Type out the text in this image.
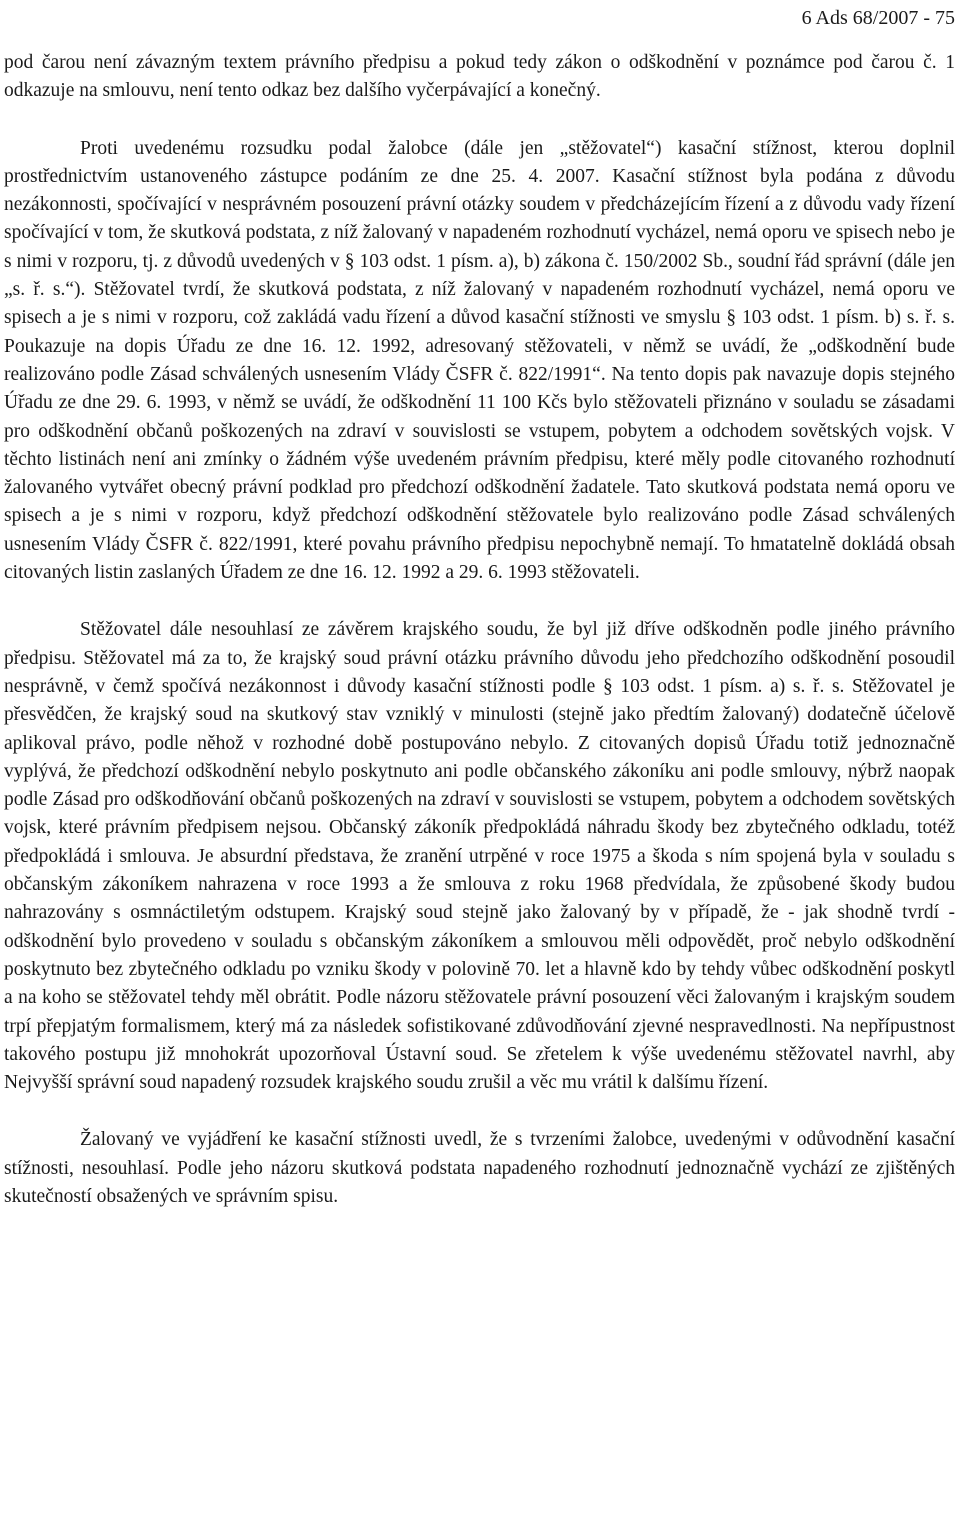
6 Ads 68/2007 - 75

pod čarou není závazným textem právního předpisu a pokud tedy zákon o odškodnění v poznámce pod čarou č. 1 odkazuje na smlouvu, není tento odkaz bez dalšího vyčerpávající a konečný.

Proti uvedenému rozsudku podal žalobce (dále jen „stěžovatel“) kasační stížnost, kterou doplnil prostřednictvím ustanoveného zástupce podáním ze dne 25. 4. 2007. Kasační stížnost byla podána z důvodu nezákonnosti, spočívající v nesprávném posouzení právní otázky soudem v předcházejícím řízení a z důvodu vady řízení spočívající v tom, že skutková podstata, z níž žalovaný v napadeném rozhodnutí vycházel, nemá oporu ve spisech nebo je s nimi v rozporu, tj. z důvodů uvedených v § 103 odst. 1 písm. a), b) zákona č. 150/2002 Sb., soudní řád správní (dále jen „s. ř. s.“). Stěžovatel tvrdí, že skutková podstata, z níž žalovaný v napadeném rozhodnutí vycházel, nemá oporu ve spisech a je s nimi v rozporu, což zakládá vadu řízení a důvod kasační stížnosti ve smyslu § 103 odst. 1 písm. b) s. ř. s. Poukazuje na dopis Úřadu ze dne 16. 12. 1992, adresovaný stěžovateli, v němž se uvádí, že „odškodnění bude realizováno podle Zásad schválených usnesením Vlády ČSFR č. 822/1991“. Na tento dopis pak navazuje dopis stejného Úřadu ze dne 29. 6. 1993, v němž se uvádí, že odškodnění 11 100 Kčs bylo stěžovateli přiznáno v souladu se zásadami pro odškodnění občanů poškozených na zdraví v souvislosti se vstupem, pobytem a odchodem sovětských vojsk. V těchto listinách není ani zmínky o žádném výše uvedeném právním předpisu, které měly podle citovaného rozhodnutí žalovaného vytvářet obecný právní podklad pro předchozí odškodnění žadatele. Tato skutková podstata nemá oporu ve spisech a je s nimi v rozporu, když předchozí odškodnění stěžovatele bylo realizováno podle Zásad schválených usnesením Vlády ČSFR č. 822/1991, které povahu právního předpisu nepochybně nemají. To hmatatelně dokládá obsah citovaných listin zaslaných Úřadem ze dne 16. 12. 1992 a 29. 6. 1993 stěžovateli.

Stěžovatel dále nesouhlasí ze závěrem krajského soudu, že byl již dříve odškodněn podle jiného právního předpisu. Stěžovatel má za to, že krajský soud právní otázku právního důvodu jeho předchozího odškodnění posoudil nesprávně, v čemž spočívá nezákonnost i důvody kasační stížnosti podle § 103 odst. 1 písm. a) s. ř. s. Stěžovatel je přesvědčen, že krajský soud na skutkový stav vzniklý v minulosti (stejně jako předtím žalovaný) dodatečně účelově aplikoval právo, podle něhož v rozhodné době postupováno nebylo. Z citovaných dopisů Úřadu totiž jednoznačně vyplývá, že předchozí odškodnění nebylo poskytnuto ani podle občanského zákoníku ani podle smlouvy, nýbrž naopak podle Zásad pro odškodňování občanů poškozených na zdraví v souvislosti se vstupem, pobytem a odchodem sovětských vojsk, které právním předpisem nejsou. Občanský zákoník předpokládá náhradu škody bez zbytečného odkladu, totéž předpokládá i smlouva. Je absurdní představa, že zranění utrpěné v roce 1975 a škoda s ním spojená byla v souladu s občanským zákoníkem nahrazena v roce 1993 a že smlouva z roku 1968 předvídala, že způsobené škody budou nahrazovány s osmnáctiletým odstupem. Krajský soud stejně jako žalovaný by v případě, že - jak shodně tvrdí - odškodnění bylo provedeno v souladu s občanským zákoníkem a smlouvou měli odpovědět, proč nebylo odškodnění poskytnuto bez zbytečného odkladu po vzniku škody v polovině 70. let a hlavně kdo by tehdy vůbec odškodnění poskytl a na koho se stěžovatel tehdy měl obrátit. Podle názoru stěžovatele právní posouzení věci žalovaným i krajským soudem trpí přepjatým formalismem, který má za následek sofistikované zdůvodňování zjevné nespravedlnosti. Na nepřípustnost takového postupu již mnohokrát upozorňoval Ústavní soud. Se zřetelem k výše uvedenému stěžovatel navrhl, aby Nejvyšší správní soud napadený rozsudek krajského soudu zrušil a věc mu vrátil k dalšímu řízení.

Žalovaný ve vyjádření ke kasační stížnosti uvedl, že s tvrzeními žalobce, uvedenými v odůvodnění kasační stížnosti, nesouhlasí. Podle jeho názoru skutková podstata napadeného rozhodnutí jednoznačně vychází ze zjištěných skutečností obsažených ve správním spisu.
